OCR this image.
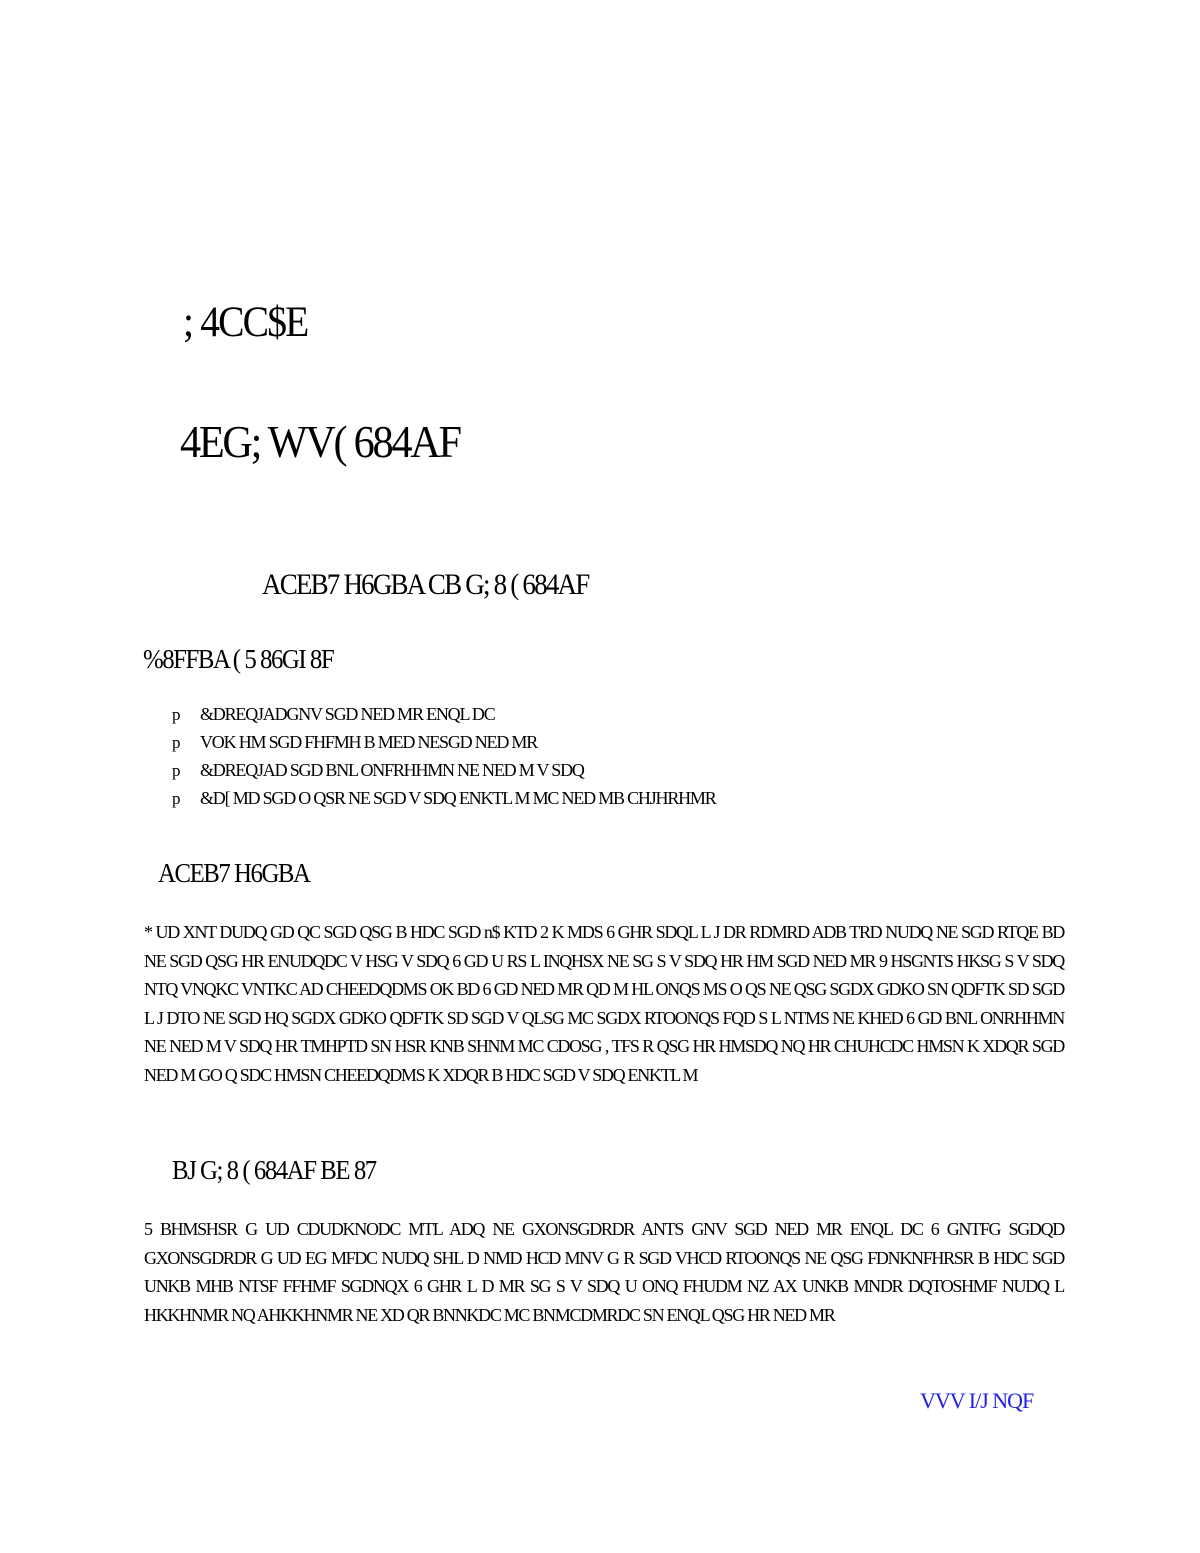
; 4CC$E
4EG; WV( 684AF
ACEB7 H6GBA CB G; 8 ( 684AF
%8FFBA ( 5 86GI 8F
p &DREQJADGNV SGD NED MR ENQL DC
p VOK HM SGD FHFMH B MED NESGD NED MR
p &DREQJAD SGD BNL ONFRHHMN NE NED M V SDQ
p &D[ MD SGD O QSR NE SGD V SDQ ENKTL M MC NED MB CHJHRHMR
ACEB7 H6GBA

* UD XNT DUDQ GD QC SGD QSG B HDC SGD n$ KTD 2 K MDS 6 GHR SDQL L J DR RDMRD ADB TRD NUDQ NE SGD RTQE BD NE SGD QSG HR ENUDQDC V HSG V SDQ 6 GD U RS L INQHSX NE SG S V SDQ HR HM SGD NED MR 9 HSGNTS HKSG S V SDQ NTQ VNQKC VNTKC AD CHEEDQDMS OK BD 6 GD NED MR QD M HL ONQS MS O QS NE QSG SGDX GDKO SN QDFTK SD SGD L J DTO NE SGD HQ SGDX GDKO QDFTK SD SGD V QLSG MC SGDX RTOONQS FQD S L NTMS NE KHED 6 GD BNL ONRHHMN NE NED M V SDQ HR TMHPTD SN HSR KNB SHNM MC CDOSG , TFS R QSG HR HMSDQ NQ HR CHUHCDC HMSN K XDQR SGD NED M GO Q SDC HMSN CHEEDQDMS K XDQR B HDC SGD V SDQ ENKTL M

BJ G; 8 ( 684AF BE 87

5 BHMSHSR G UD CDUDKNODC MTL ADQ NE GXONSGDRDR ANTS GNV SGD NED MR ENQL DC 6 GNTFG SGDQD GXONSGDRDR G UD EG MFDC NUDQ SHL D NMD HCD MNV G R SGD VHCD RTOONQS NE QSG FDNKNFHRSR B HDC SGD UNKB MHB NTSF FFHMF SGDNQX 6 GHR L D MR SG S V SDQ U ONQ FHUDM NZ AX UNKB MNDR DQTOSHMF NUDQ L HKKHNMR NQ AHKKHNMR NE XD QR BNNKDC MC BNMCDMRDC SN ENQL QSG HR NED MR

VVV I/J NQF
